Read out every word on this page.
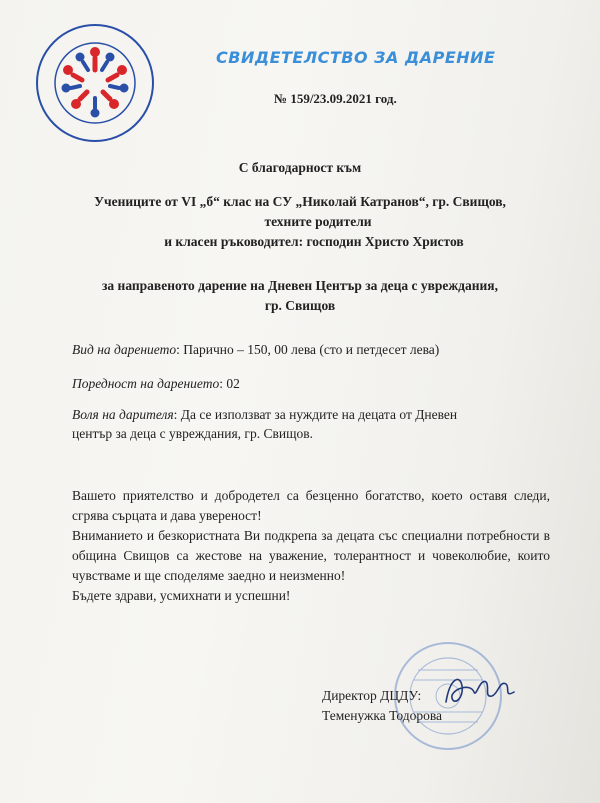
СВИДЕТЕЛСТВО ЗА ДАРЕНИЕ
№ 159/23.09.2021 год.
С благодарност към
Учениците от VI „б“ клас на СУ „Николай Катранов“, гр. Свищов,
техните родители
и класен ръководител: господин Христо Христов
за направеното дарение на Дневен Център за деца с увреждания,
гр. Свищов
Вид на дарението: Парично – 150, 00 лева (сто и петдесет лева)
Поредност на дарението: 02
Воля на дарителя: Да се използват за нуждите на децата от Дневен
център за деца с увреждания, гр. Свищов.
Вашето приятелство и добродетел са безценно богатство, което оставя следи, сгрява сърцата и дава увереност!
Вниманието и безкористната Ви подкрепа за децата със специални потребности в община Свищов са жестове на уважение, толерантност и човеколюбие, които чувстваме и ще споделяме заедно и неизменно!
Бъдете здрави, усмихнати и успешни!
Директор ДЦДУ:
Теменужка Тодорова
